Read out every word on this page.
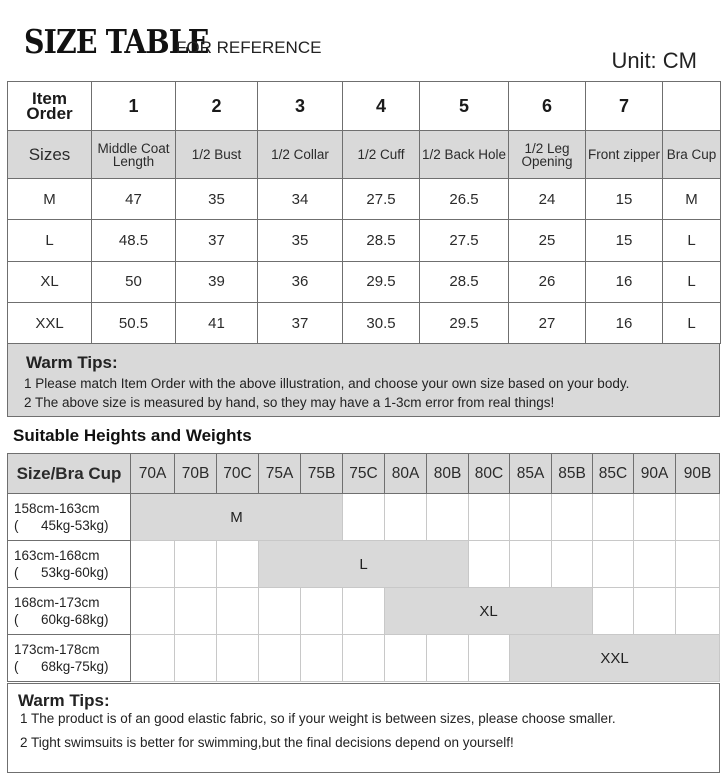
SIZE TABLE
FOR REFERENCE
Unit: CM
Item Order	1	2	3	4	5	6	7	
Sizes	Middle Coat Length	1/2 Bust	1/2 Collar	1/2 Cuff	1/2 Back Hole	1/2 Leg Opening	Front zipper	Bra Cup
M	47	35	34	27.5	26.5	24	15	M
L	48.5	37	35	28.5	27.5	25	15	L
XL	50	39	36	29.5	28.5	26	16	L
XXL	50.5	41	37	30.5	29.5	27	16	L
Warm Tips:
1 Please match Item Order with the above illustration, and choose your own size based on your body.
2 The above size is measured by hand, so they may have a 1-3cm error from real things!
Suitable Heights and Weights
Size/Bra Cup	70A	70B	70C	75A	75B	75C	80A	80B	80C	85A	85B	85C	90A	90B

158cm-163cm
(      45kg-53kg)	M													

163cm-168cm
(      53kg-60kg)				L										

168cm-173cm
(      60kg-68kg)							XL							

173cm-178cm
(      68kg-75kg)										XXL				
Warm Tips:
1 The product is of an good elastic fabric, so if your weight is between sizes, please choose smaller.
2 Tight swimsuits is better for swimming,but the final decisions depend on yourself!
